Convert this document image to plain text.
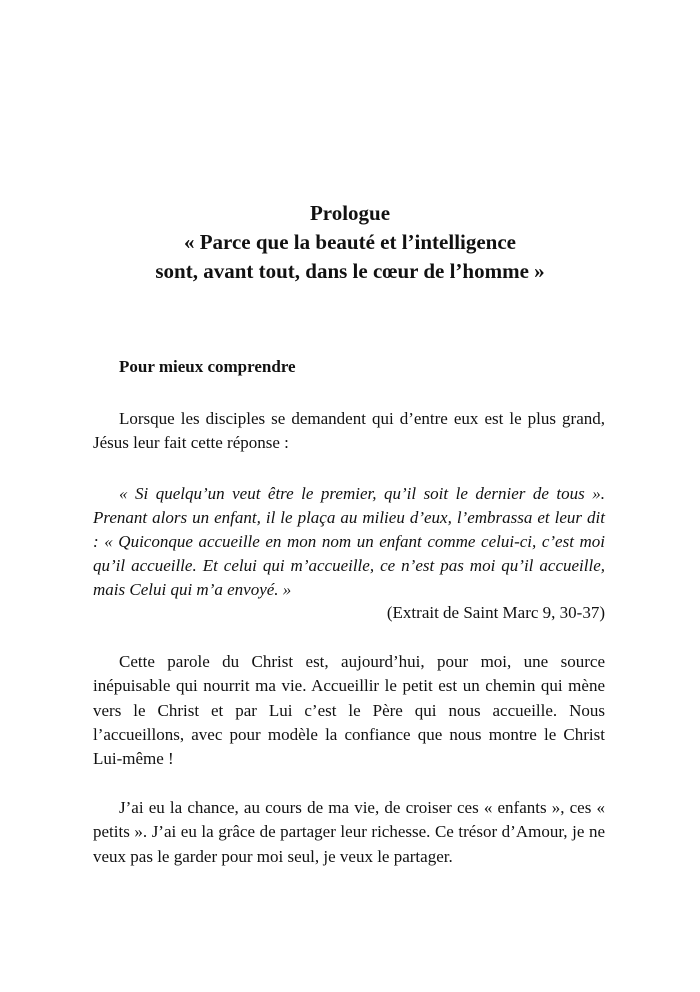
Prologue
« Parce que la beauté et l’intelligence
sont, avant tout, dans le cœur de l’homme »
Pour mieux comprendre

Lorsque les disciples se demandent qui d’entre eux est le plus grand, Jésus leur fait cette réponse :

« Si quelqu’un veut être le premier, qu’il soit le dernier de tous ». Prenant alors un enfant, il le plaça au milieu d’eux, l’embrassa et leur dit : « Quiconque accueille en mon nom un enfant comme celui-ci, c’est moi qu’il accueille. Et celui qui m’accueille, ce n’est pas moi qu’il accueille, mais Celui qui m’a envoyé. »

(Extrait de Saint Marc 9, 30-37)

Cette parole du Christ est, aujourd’hui, pour moi, une source inépuisable qui nourrit ma vie. Accueillir le petit est un chemin qui mène vers le Christ et par Lui c’est le Père qui nous accueille. Nous l’accueillons, avec pour modèle la confiance que nous montre le Christ Lui-même !

J’ai eu la chance, au cours de ma vie, de croiser ces « enfants », ces « petits ». J’ai eu la grâce de partager leur richesse. Ce trésor d’Amour, je ne veux pas le garder pour moi seul, je veux le partager.
